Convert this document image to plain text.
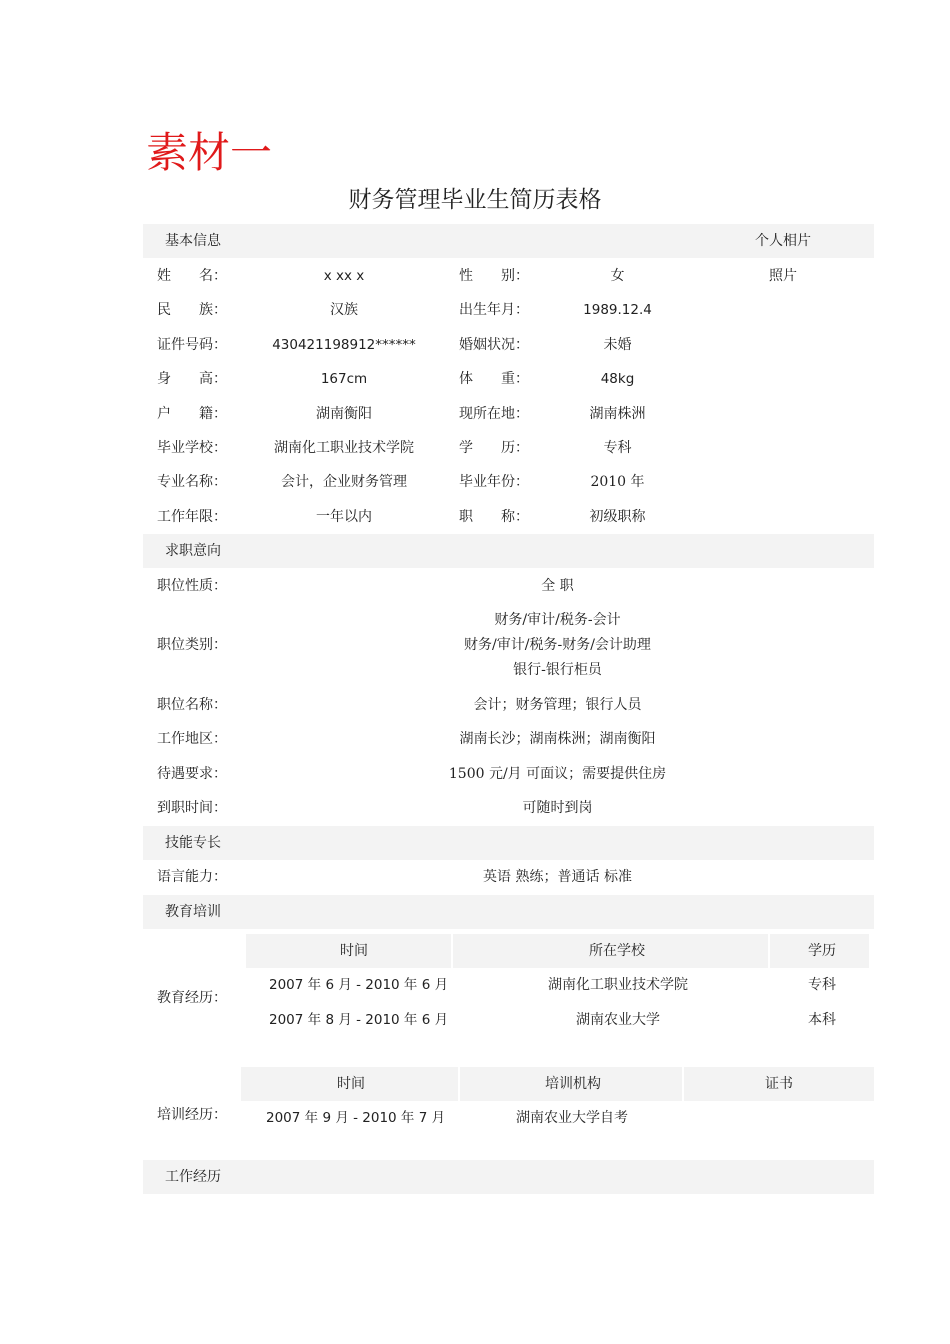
素材一
财务管理毕业生简历表格
基本信息	个人相片
姓　　名：	x xx x	性　　别：	女	照片
民　　族：	汉族	出生年月：	1989.12.4
证件号码：	430421198912******	婚姻状况：	未婚
身　　高：	167cm	体　　重：	48kg
户　　籍：	湖南衡阳	现所在地：	湖南株洲
毕业学校：	湖南化工职业技术学院	学　　历：	专科
专业名称：	会计，企业财务管理	毕业年份：	2010 年
工作年限：	一年以内	职　　称：	初级职称
求职意向
职位性质：	全 职
职位类别：
财务/审计/税务-会计
财务/审计/税务-财务/会计助理
银行-银行柜员
职位名称：	会计；财务管理；银行人员
工作地区：	湖南长沙；湖南株洲；湖南衡阳
待遇要求：	1500 元/月 可面议；需要提供住房
到职时间：	可随时到岗
技能专长
语言能力：	英语 熟练；普通话 标准
教育培训
教育经历：
时间	所在学校	学历
2007 年 6 月 - 2010 年 6 月	湖南化工职业技术学院	专科
2007 年 8 月 - 2010 年 6 月	湖南农业大学	本科
培训经历：
时间	培训机构	证书
2007 年 9 月 - 2010 年 7 月	湖南农业大学自考
工作经历
